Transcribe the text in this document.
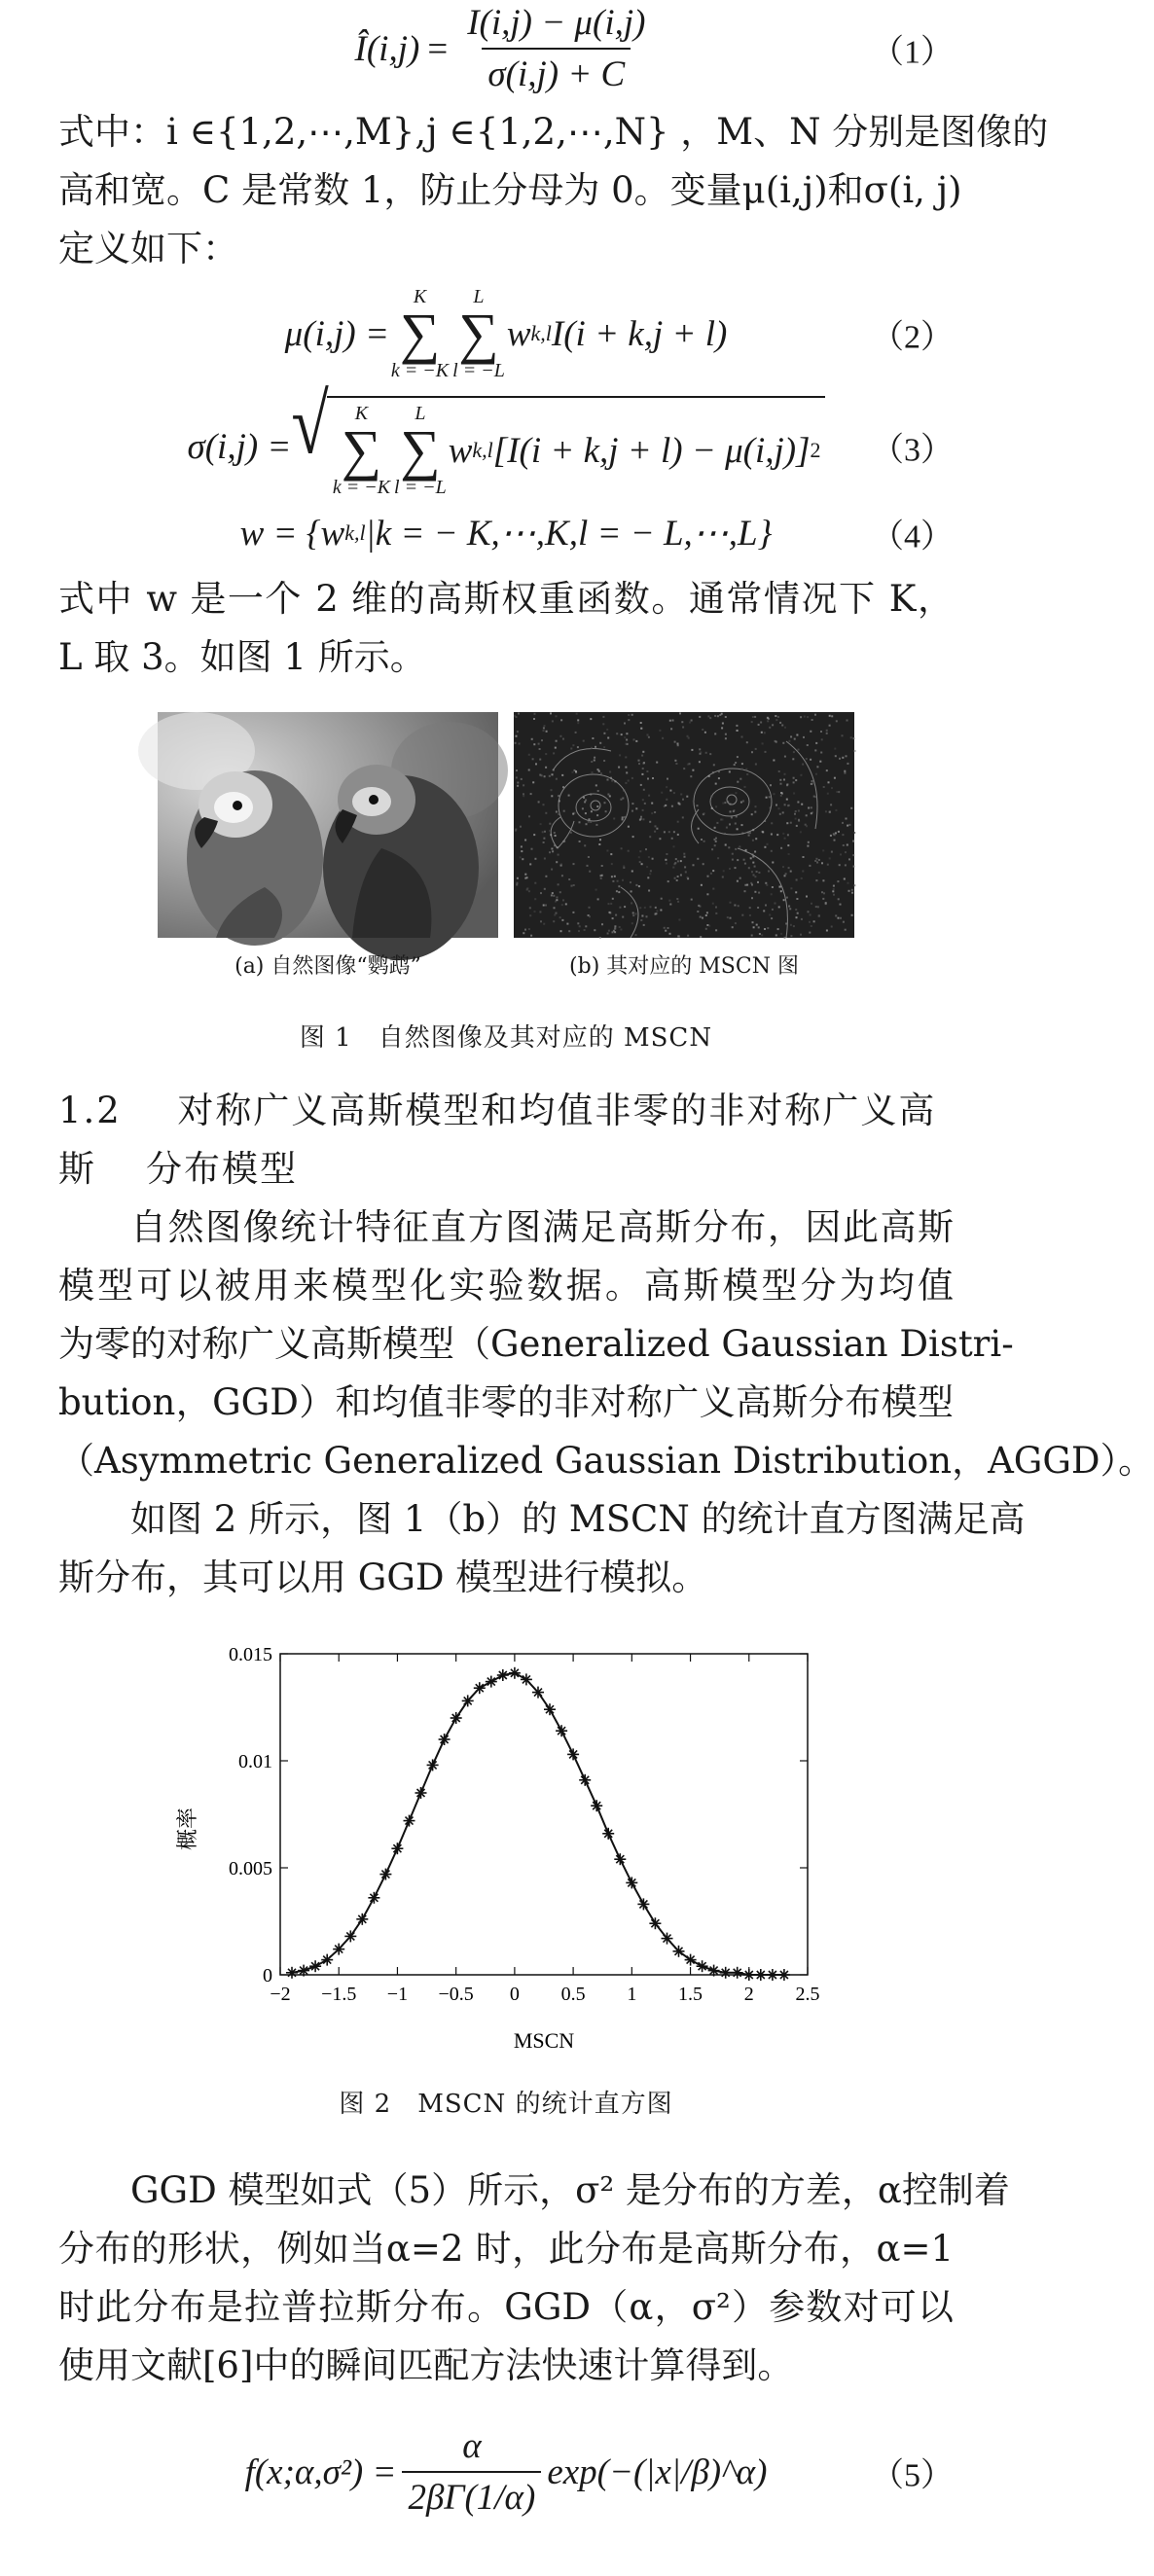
Î(i,j) = $\frac{I(i,j) - \mu(i,j)}{\sigma(i,j) + C}$	（1）
式中：i ∈{1,2,⋯,M},j ∈{1,2,⋯,N} ，M、N 分别是图像的
高和宽。C 是常数 1，防止分母为 0。变量μ(i,j)和σ(i, j)
定义如下：
μ(i,j) =
K
∑
k = −K
L
∑
l = −L
w k,l I(i + k,j + l)	（2）
σ(i,j) = √ K
∑
k = −K
L
∑
l = −L
w k,l [I(i + k,j + l) − μ(i,j)] 2 （3）
w = {w k,l |k = − K,⋯,K,l = − L,⋯,L}	（4）
式中 w 是一个 2 维的高斯权重函数。通常情况下 K，
L 取 3。如图 1 所示。
(a) 自然图像“鹦鹉”	(b) 其对应的 MSCN 图
图 1　自然图像及其对应的 MSCN
1.2 对称广义高斯模型和均值非零的非对称广义高斯	分布模型
自然图像统计特征直方图满足高斯分布，因此高斯
模型可以被用来模型化实验数据。高斯模型分为均值
为零的对称广义高斯模型（Generalized Gaussian Distri-
bution，GGD）和均值非零的非对称广义高斯分布模型
（Asymmetric Generalized Gaussian Distribution，AGGD）。
如图 2 所示，图 1（b）的 MSCN 的统计直方图满足高
斯分布，其可以用 GGD 模型进行模拟。
−2 −1.5 −1 −0.5 0 0.5 1 1.5 2 2.5
0
0.005
0.01
0.015
MSCN
概率
图 2　MSCN 的统计直方图
GGD 模型如式（5）所示，σ² 是分布的方差，α控制着
分布的形状，例如当α=2 时，此分布是高斯分布，α=1
时此分布是拉普拉斯分布。GGD（α，σ²）参数对可以
使用文献[6]中的瞬间匹配方法快速计算得到。
f(x;α,σ²) = $\frac{\alpha}{2\beta\Gamma(1/\alpha)}$ exp(−(|x|/β)^α)	（5）
